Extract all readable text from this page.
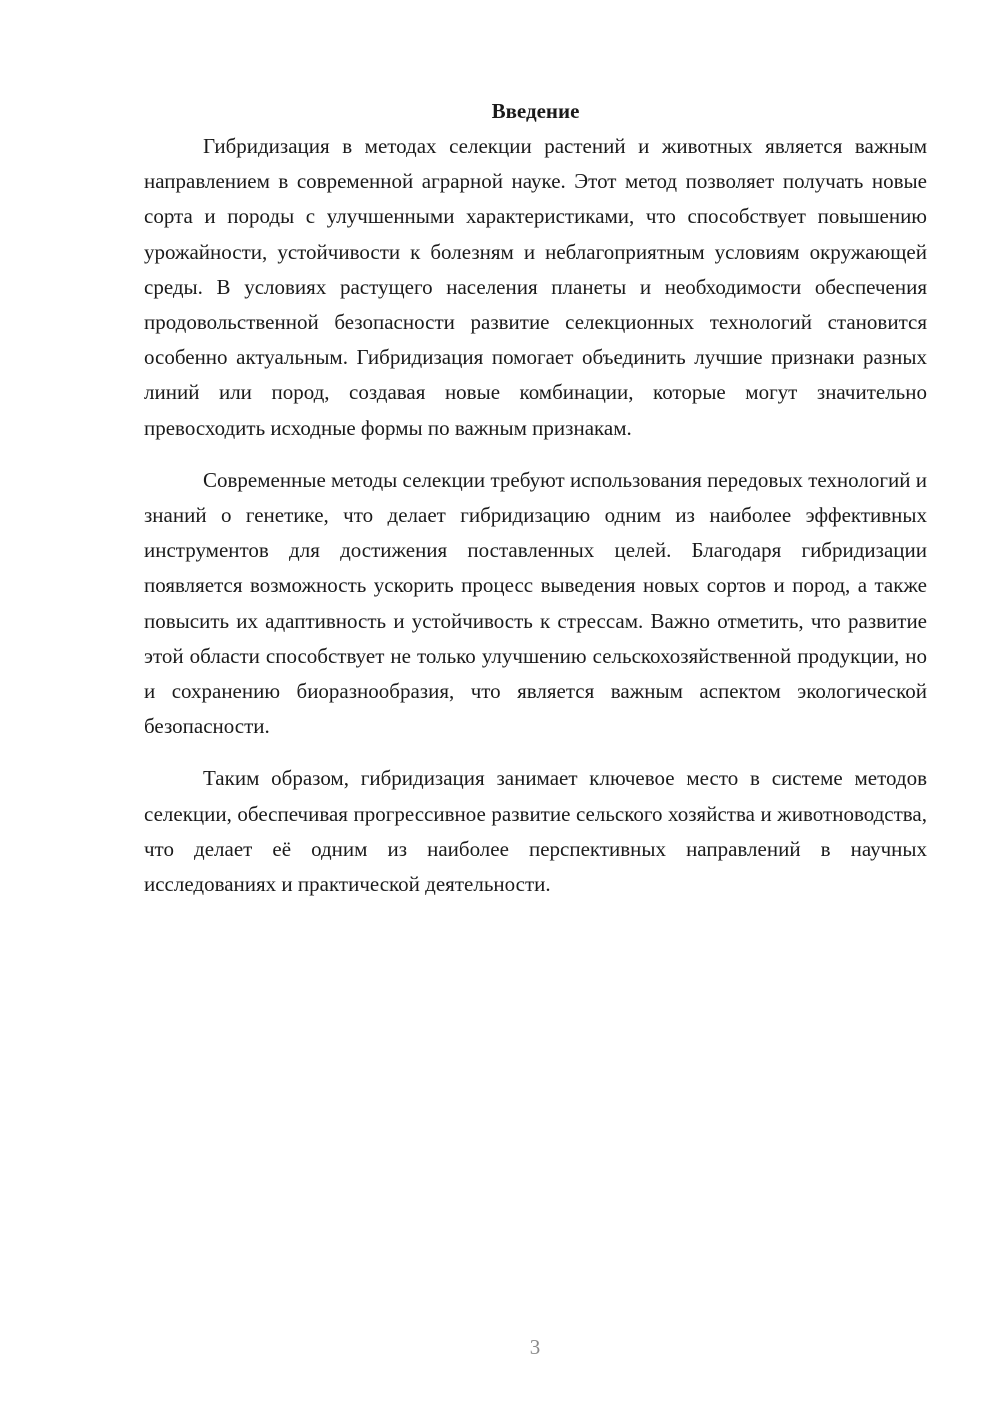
Введение

Гибридизация в методах селекции растений и животных является важным направлением в современной аграрной науке. Этот метод позволяет получать новые сорта и породы с улучшенными характеристиками, что способствует повышению урожайности, устойчивости к болезням и неблагоприятным условиям окружающей среды. В условиях растущего населения планеты и необходимости обеспечения продовольственной безопасности развитие селекционных технологий становится особенно актуальным. Гибридизация помогает объединить лучшие признаки разных линий или пород, создавая новые комбинации, которые могут значительно превосходить исходные формы по важным признакам.

Современные методы селекции требуют использования передовых технологий и знаний о генетике, что делает гибридизацию одним из наиболее эффективных инструментов для достижения поставленных целей. Благодаря гибридизации появляется возможность ускорить процесс выведения новых сортов и пород, а также повысить их адаптивность и устойчивость к стрессам. Важно отметить, что развитие этой области способствует не только улучшению сельскохозяйственной продукции, но и сохранению биоразнообразия, что является важным аспектом экологической безопасности.

Таким образом, гибридизация занимает ключевое место в системе методов селекции, обеспечивая прогрессивное развитие сельского хозяйства и животноводства, что делает её одним из наиболее перспективных направлений в научных исследованиях и практической деятельности.

3
